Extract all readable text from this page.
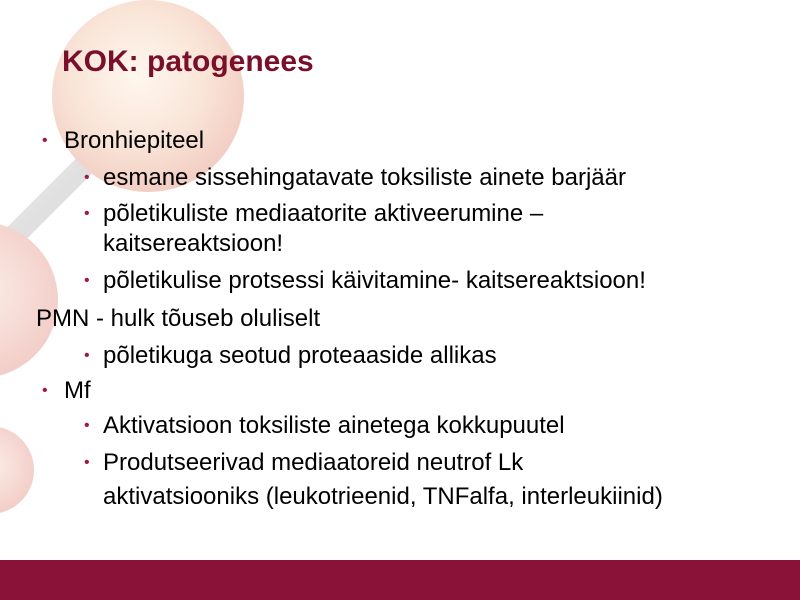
KOK: patogenees
• Bronhiepiteel
• esmane sissehingatavate toksiliste ainete barjäär
• põletikuliste mediaatorite aktiveerumine –
kaitsereaktsioon!
• põletikulise protsessi käivitamine- kaitsereaktsioon!
PMN - hulk tõuseb oluliselt
• põletikuga seotud proteaaside allikas
• Mf
• Aktivatsioon toksiliste ainetega kokkupuutel
• Produtseerivad mediaatoreid neutrof Lk
aktivatsiooniks (leukotrieenid, TNFalfa, interleukiinid)
